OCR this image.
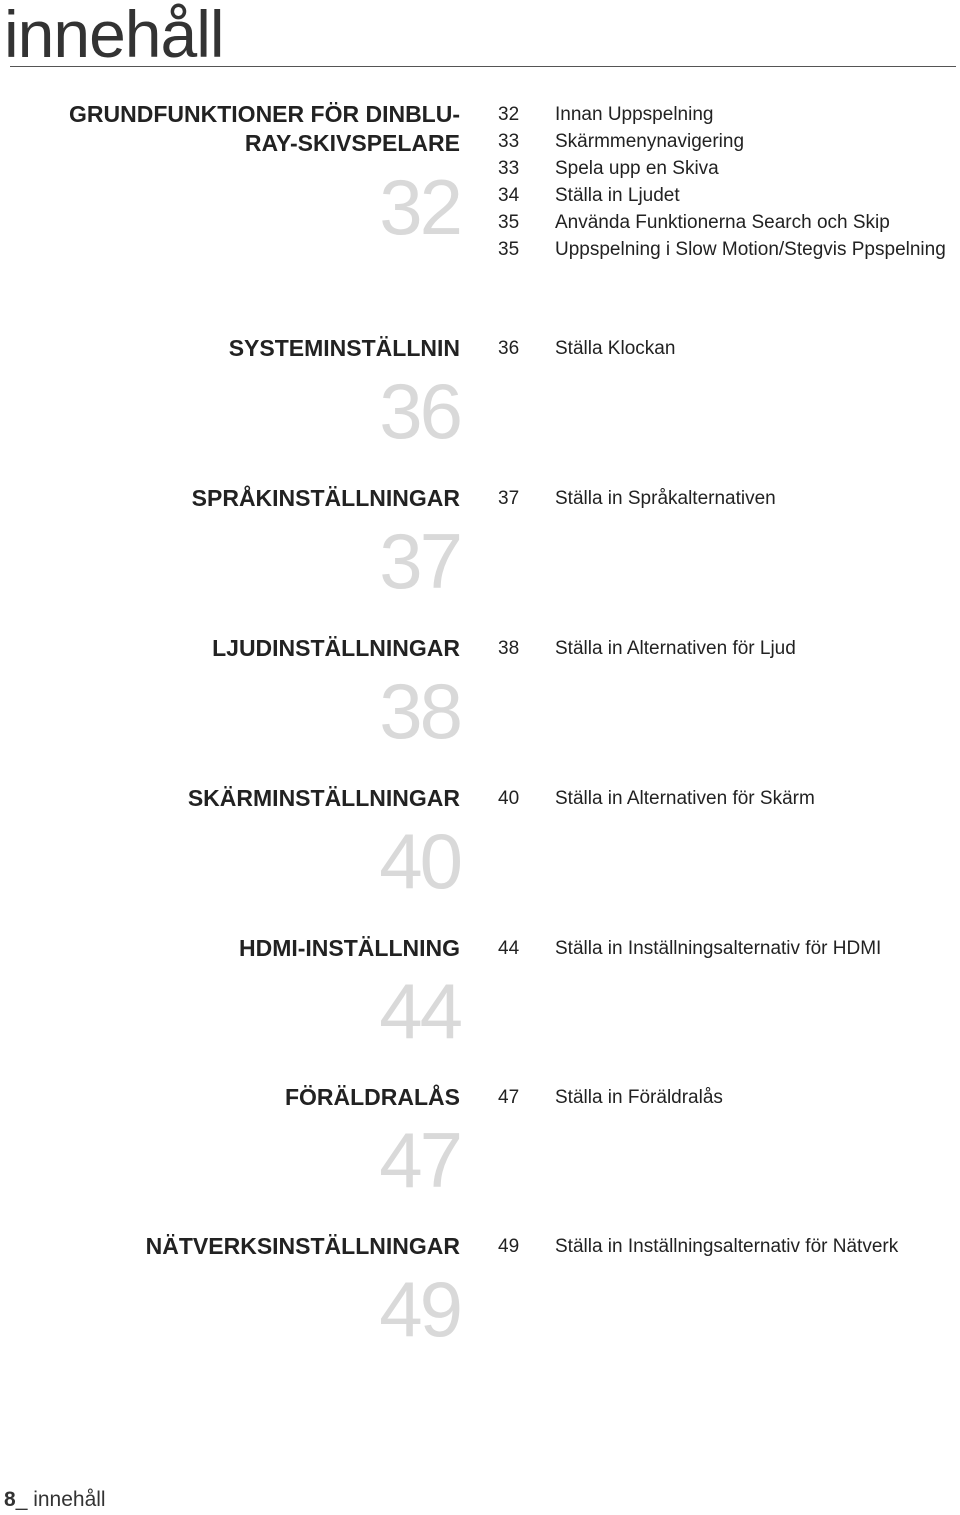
innehåll
GRUNDFUNKTIONER FÖR DINBLU-
RAY-SKIVSPELARE
32
32 Innan Uppspelning
33 Skärmmenynavigering
33 Spela upp en Skiva
34 Ställa in Ljudet
35 Använda Funktionerna Search och Skip
35 Uppspelning i Slow Motion/Stegvis Ppspelning
SYSTEMINSTÄLLNIN
36
36 Ställa Klockan
SPRÅKINSTÄLLNINGAR
37
37 Ställa in Språkalternativen
LJUDINSTÄLLNINGAR
38
38 Ställa in Alternativen för Ljud
SKÄRMINSTÄLLNINGAR
40
40 Ställa in Alternativen för Skärm
HDMI-INSTÄLLNING
44
44 Ställa in Inställningsalternativ för HDMI
FÖRÄLDRALÅS
47
47 Ställa in Föräldralås
NÄTVERKSINSTÄLLNINGAR
49
49 Ställa in Inställningsalternativ för Nätverk
8_ innehåll
